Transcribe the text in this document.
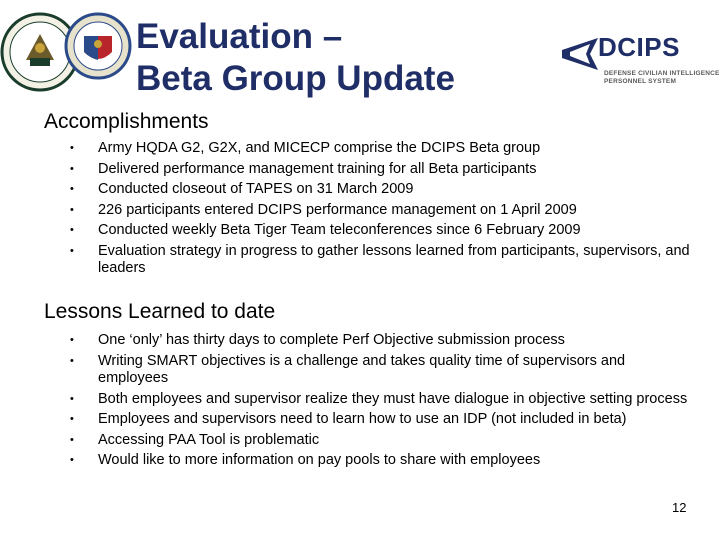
Evaluation –
Beta Group Update
DCIPS
DEFENSE CIVILIAN INTELLIGENCE
PERSONNEL SYSTEM
Accomplishments
• Army HQDA G2, G2X, and MICECP comprise the DCIPS Beta group
• Delivered performance management training for all Beta participants
• Conducted closeout of TAPES on 31 March 2009
• 226 participants entered DCIPS performance management on 1 April 2009
• Conducted weekly Beta Tiger Team teleconferences since 6 February 2009
• Evaluation strategy in progress to gather lessons learned from participants, supervisors, and leaders
Lessons Learned to date
• One ‘only’ has thirty days to complete Perf Objective submission process
• Writing SMART objectives is a challenge and takes quality time of supervisors and employees
• Both employees and supervisor realize they must have dialogue in objective setting process
• Employees and supervisors need to learn how to use an IDP (not included in beta)
• Accessing PAA Tool is problematic
• Would like to more information on pay pools to share with employees
12
